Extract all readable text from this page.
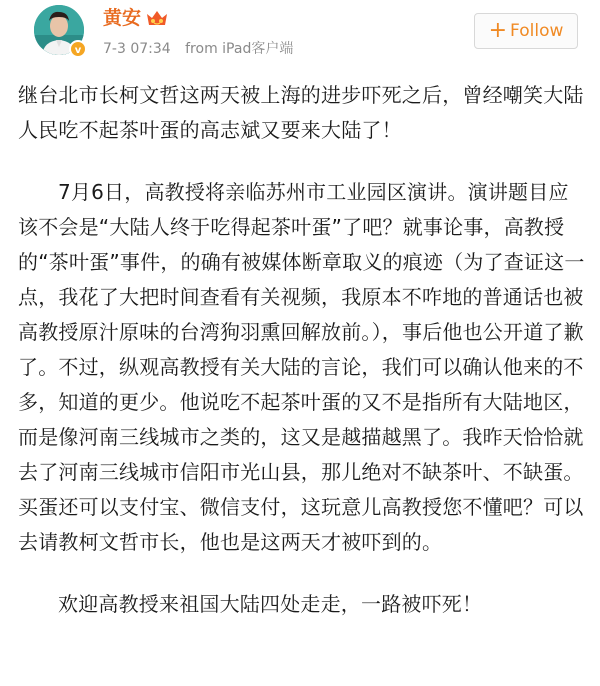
v
黄安
7-3 07:34 from iPad客户端
+ Follow

继台北市长柯文哲这两天被上海的进步吓死之后，曾经嘲笑大陆人民吃不起茶叶蛋的高志斌又要来大陆了！

7月6日，高教授将亲临苏州市工业园区演讲。演讲题目应该不会是“大陆人终于吃得起茶叶蛋”了吧？就事论事，高教授的“茶叶蛋”事件，的确有被媒体断章取义的痕迹（为了查证这一点，我花了大把时间查看有关视频，我原本不咋地的普通话也被高教授原汁原味的台湾狗羽熏回解放前。），事后他也公开道了歉了。不过，纵观高教授有关大陆的言论，我们可以确认他来的不多，知道的更少。他说吃不起茶叶蛋的又不是指所有大陆地区，而是像河南三线城市之类的，这又是越描越黑了。我昨天恰恰就去了河南三线城市信阳市光山县，那儿绝对不缺茶叶、不缺蛋。买蛋还可以支付宝、微信支付，这玩意儿高教授您不懂吧？可以去请教柯文哲市长，他也是这两天才被吓到的。

欢迎高教授来祖国大陆四处走走，一路被吓死！
